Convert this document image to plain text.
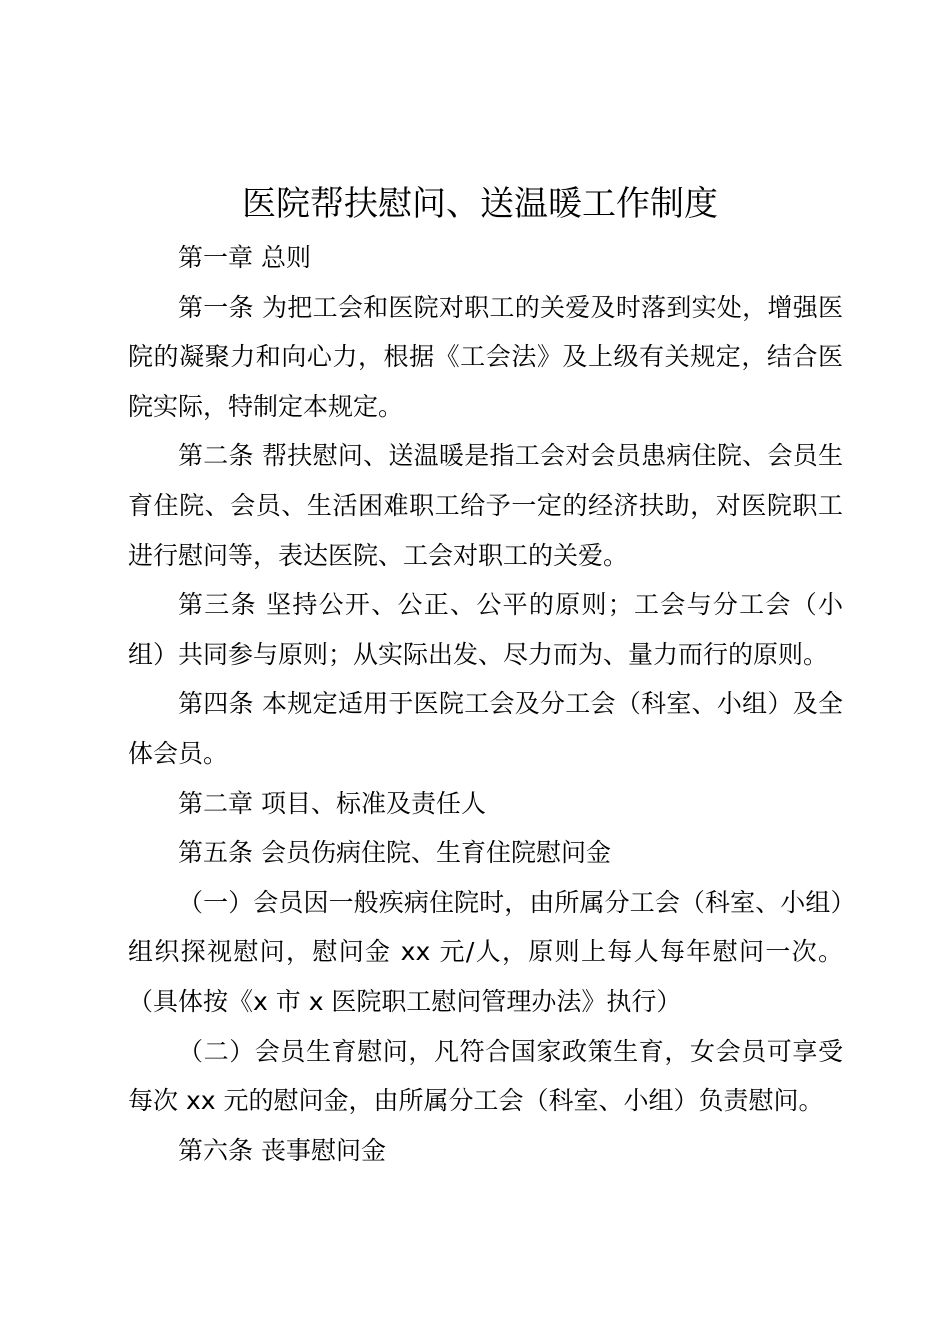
医院帮扶慰问、送温暖工作制度

第一章 总则

第一条 为把工会和医院对职工的关爱及时落到实处，增强医院的凝聚力和向心力，根据《工会法》及上级有关规定，结合医院实际，特制定本规定。

第二条 帮扶慰问、送温暖是指工会对会员患病住院、会员生育住院、会员、生活困难职工给予一定的经济扶助，对医院职工进行慰问等，表达医院、工会对职工的关爱。

第三条 坚持公开、公正、公平的原则；工会与分工会（小组）共同参与原则；从实际出发、尽力而为、量力而行的原则。

第四条 本规定适用于医院工会及分工会（科室、小组）及全体会员。

第二章 项目、标准及责任人

第五条 会员伤病住院、生育住院慰问金

（一）会员因一般疾病住院时，由所属分工会（科室、小组）组织探视慰问，慰问金 xx 元/人，原则上每人每年慰问一次。（具体按《x 市 x 医院职工慰问管理办法》执行）

（二）会员生育慰问，凡符合国家政策生育，女会员可享受每次 xx 元的慰问金，由所属分工会（科室、小组）负责慰问。

第六条 丧事慰问金
